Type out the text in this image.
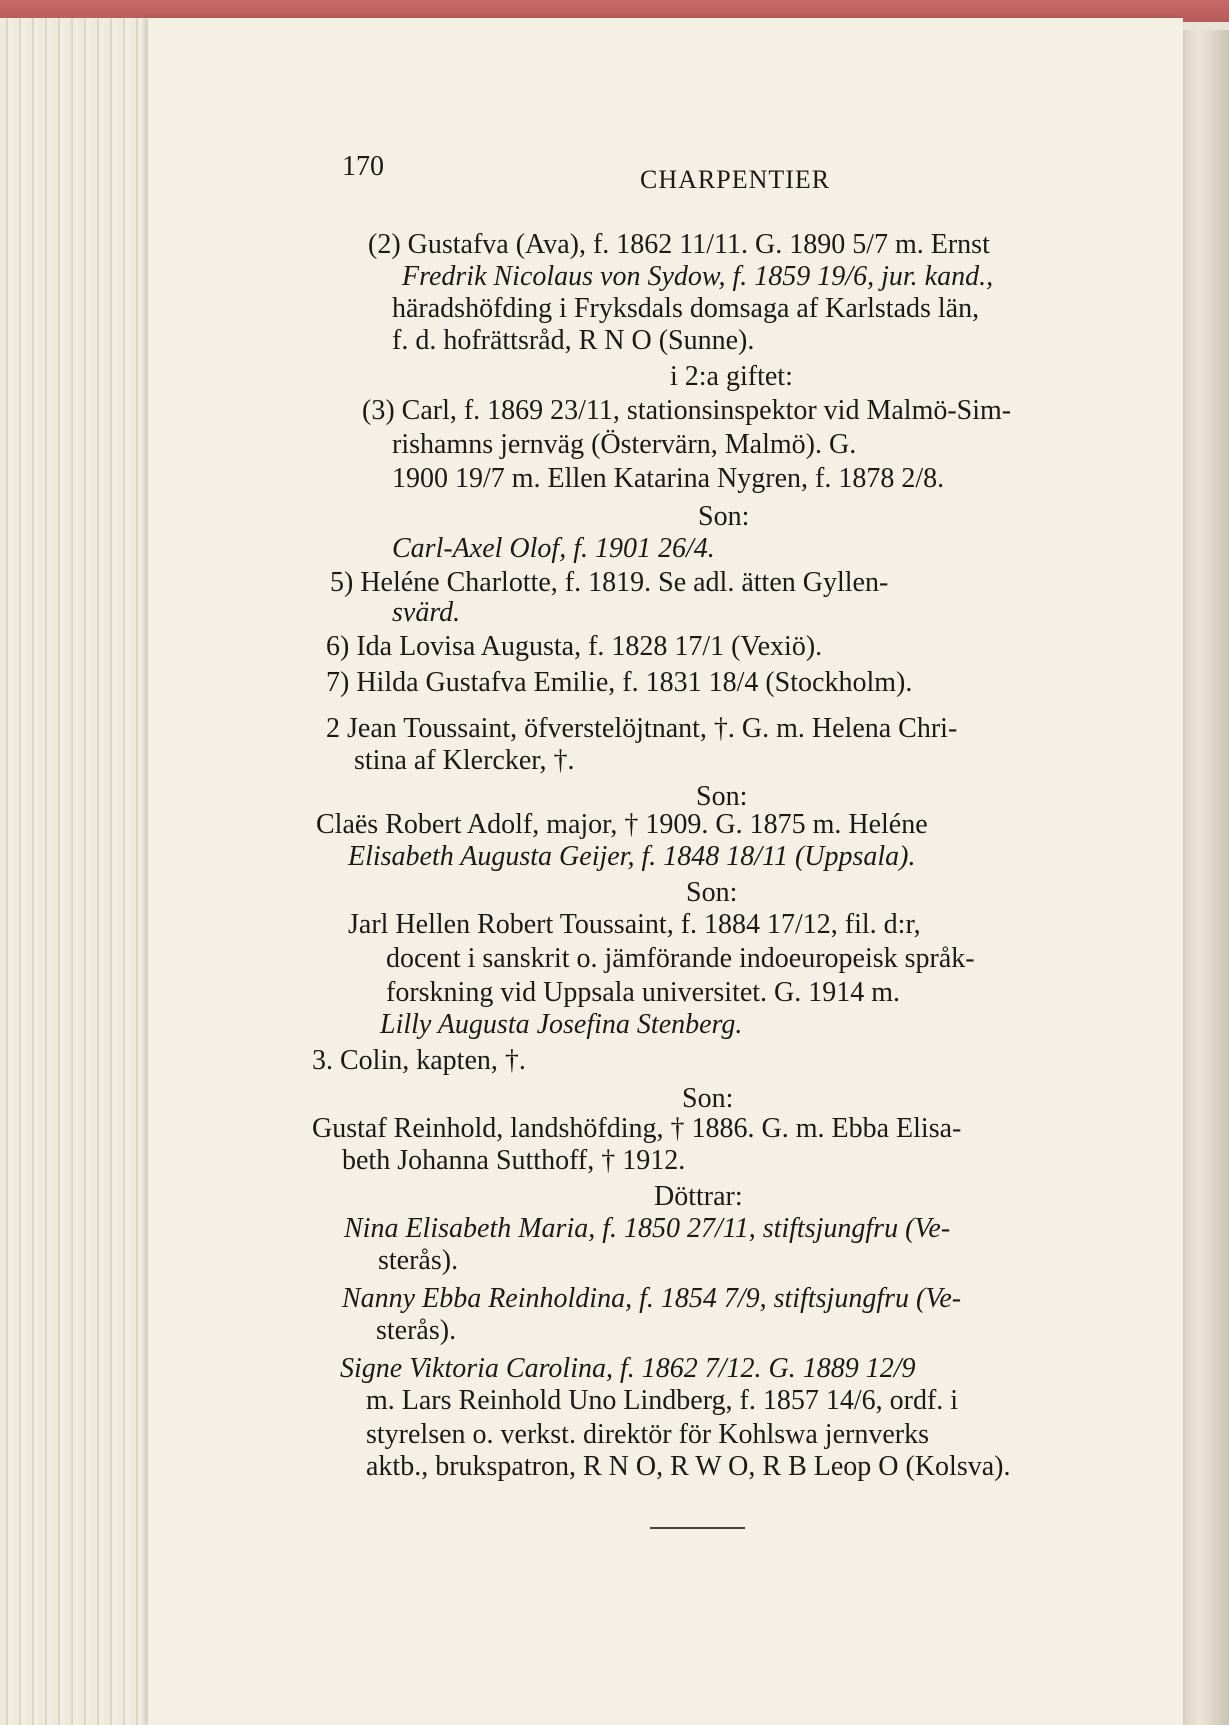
170	CHARPENTIER
(2) Gustafva (Ava), f. 1862 11/11. G. 1890 5/7 m. Ernst
Fredrik Nicolaus von Sydow, f. 1859 19/6, jur. kand.,
häradshöfding i Fryksdals domsaga af Karlstads län,
f. d. hofrättsråd, R N O (Sunne).
i 2:a giftet:
(3) Carl, f. 1869 23/11, stationsinspektor vid Malmö-Sim-
rishamns jernväg (Östervärn, Malmö). G.
1900 19/7 m. Ellen Katarina Nygren, f. 1878 2/8.
Son:
Carl-Axel Olof, f. 1901 26/4.
5) Heléne Charlotte, f. 1819. Se adl. ätten Gyllen-
svärd.
6) Ida Lovisa Augusta, f. 1828 17/1 (Vexiö).
7) Hilda Gustafva Emilie, f. 1831 18/4 (Stockholm).
2 Jean Toussaint, öfverstelöjtnant, †. G. m. Helena Chri-
stina af Klercker, †.
Son:
Claës Robert Adolf, major, † 1909. G. 1875 m. Heléne
Elisabeth Augusta Geijer, f. 1848 18/11 (Uppsala).
Son:
Jarl Hellen Robert Toussaint, f. 1884 17/12, fil. d:r,
docent i sanskrit o. jämförande indoeuropeisk språk-
forskning vid Uppsala universitet. G. 1914 m.
Lilly Augusta Josefina Stenberg.
3. Colin, kapten, †.
Son:
Gustaf Reinhold, landshöfding, † 1886. G. m. Ebba Elisa-
beth Johanna Sutthoff, † 1912.
Döttrar:
Nina Elisabeth Maria, f. 1850 27/11, stiftsjungfru (Ve-
sterås).
Nanny Ebba Reinholdina, f. 1854 7/9, stiftsjungfru (Ve-
sterås).
Signe Viktoria Carolina, f. 1862 7/12. G. 1889 12/9
m. Lars Reinhold Uno Lindberg, f. 1857 14/6, ordf. i
styrelsen o. verkst. direktör för Kohlswa jernverks
aktb., brukspatron, R N O, R W O, R B Leop O (Kolsva).
